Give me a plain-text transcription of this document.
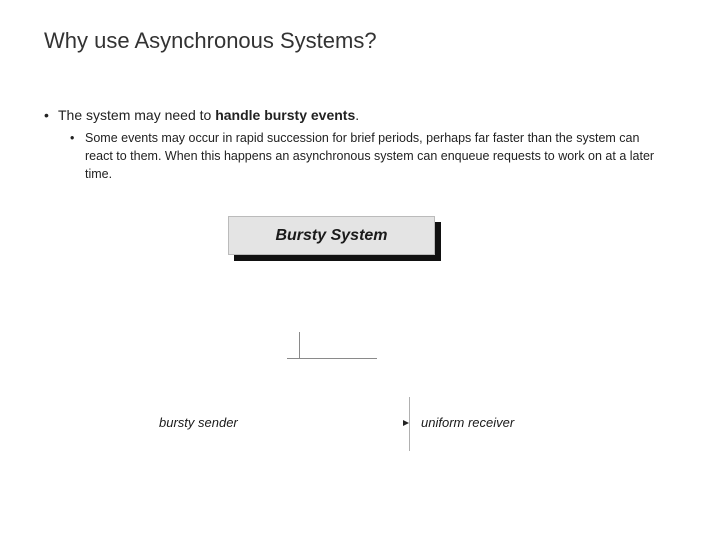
Why use Asynchronous Systems?
• The system may need to handle bursty events.
• Some events may occur in rapid succession for brief periods, perhaps far faster than the system can react to them. When this happens an asynchronous system can enqueue requests to work on at a later time.
Bursty System
bursty sender	uniform receiver
